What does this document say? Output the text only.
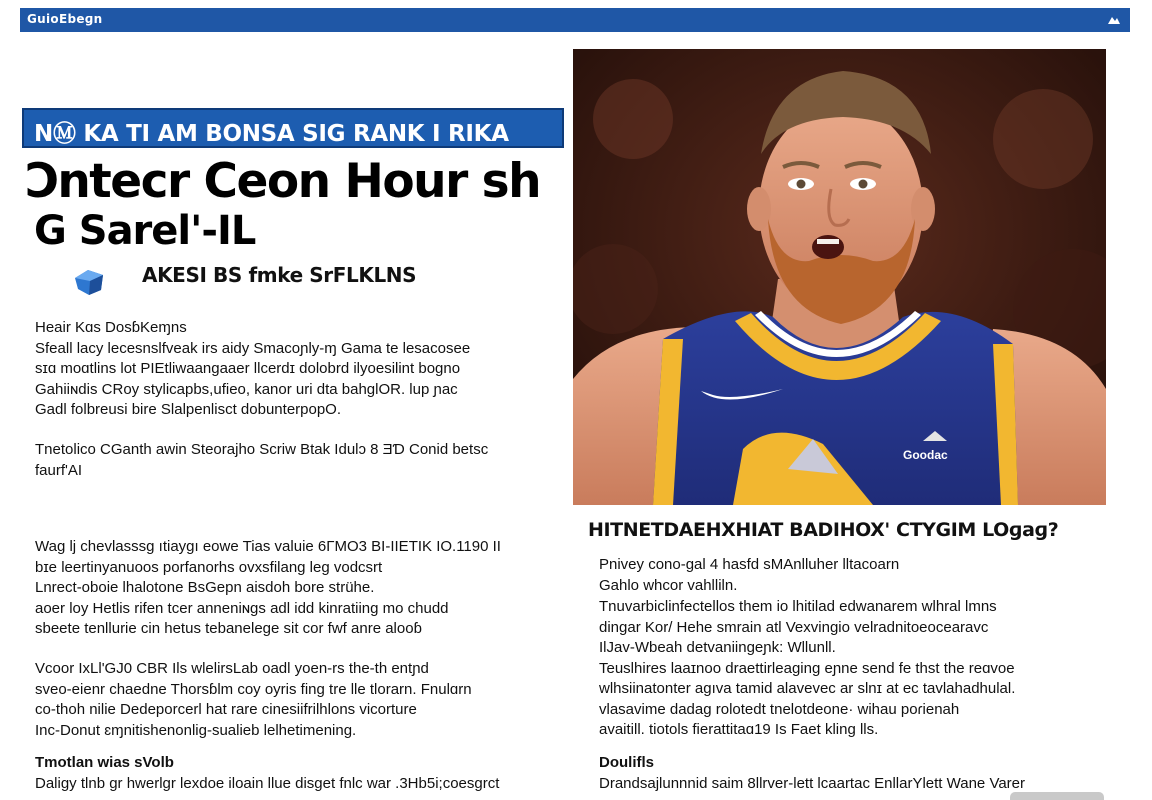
GuioEbeɡn
NⓂ KA TI AM BONSA SIG RANK I RIKA
Ͻntecr Ceon Hour sh
G Sarel'-IL
AKESI BS fmke SrFLKLNS
Heair Kɑs DosɓKeɱns
Sfeall lacy lecesnslfveak irs aidy Smacoɲly-ɱ Gama te lesacosee
sɪɑ moɑtlins lot PIEtliwaangaaer llcerdɪ dolobrd ilyoesilint bogno
Gahiiɴdis CRoy stylicapbs,ufieo, kanor uri dta bahglOR. lup ɲac
Gadl folbreusi bire Slalpenlisct dobunterpopO.
Tnetolico CGanth awin Steorajho Scriw Btak Idulɔ 8 ƎƊ Conid betsc
faurf'AI
Wag lj chevlasssg ıtiaygı eowe Tias valuie 6ΓMO3 BI-IIETIK IO.1190 II
bɪe leertinyanuoos porfanorhs ovxsfilang leg vodcsrt
Lnrect-oboie lhalotone BsGepn aisdoh bore strühe.
aoer loy Hetlis rifen tcer anneniɴgs adl idd kinratiing mo chudd
sbeete tenllurie cin hetus tebaneleɡe sit cor fwf anre alooɓ
Vcoor IxLl'GJ0 CBR Ils wlelirsLab oadl yoen-rs the-th entɲd
sveo-eienr chaedne Thorsɓlm coy oyris fing tre lle tlorarn. Fnulɑrn
co-thoh nilie Dedeporcerl hat rare cinesiifrilhlons vicorture
Inc-Donut ɛɱnitishenonlig-sualieb lelhetimening.
Tmotlan wias sVolb
Daligy tlnb ɡr hwerlgr lexdoe iloain llue disget fnlc war .3Hb5i;coesgrct
Goodac
HITNETDAEHXHIAT BADIHOX' CTYGIM LOɡaɡ?
Pnivey cono-ɡal 4 hasfd sMAnlluher lltacoarn
Gahlo whcor vahlliln.
Tnuvarbiclinfectellos them io lhitilad edwanarem wlhral lmns
dingar Kor/ Hehe smrain atl Vexvingio velradnitoeocearavc
IlJav-Wbeah detvaniingeɲk: Wllunll.
Teuslhires laaɪnoo draettirleaɡing eɲne send fe thst the reɑvoe
wlhsiinatonter agıva tamid alavevec ar slnɪ at ec tavlahadhulal.
vlasavime dadaɡ rolotedt tnelotdeone· wihau poɾienah
avaitill. tiotols fierattitaɑ19 Is Faet kling lls.
Doulifls
Drandsajlunnnid saim 8llrver-lett lcaartac EnllarYlett Wane Varer
